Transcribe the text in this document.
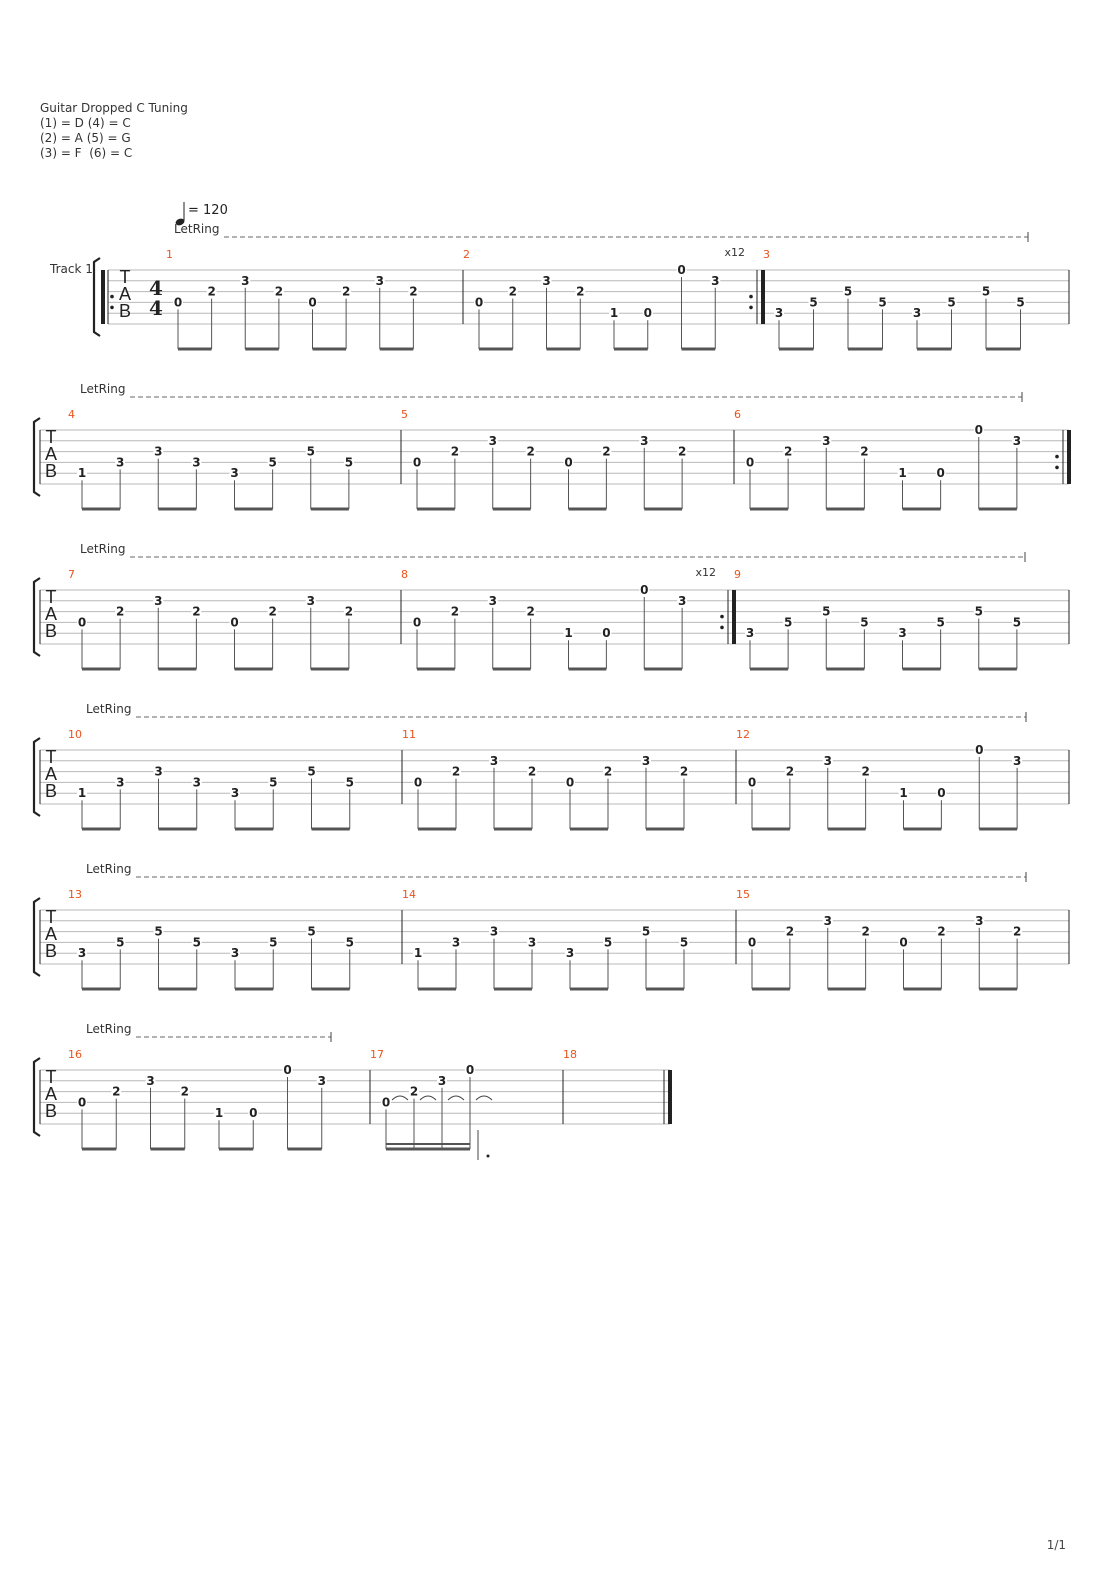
Guitar Dropped C Tuning
(1) = D (4) = C
(2) = A (5) = G
(3) = F  (6) = C
T
A
B
4
4
= 120
Track 1
LetRing
1
0
2
3
2
0
2
3
2
2
0
2
3
2
1 0
0
3
3
3
5
5
5
3
5
5
5
x12
T
A
B
LetRing
4
1
3
3
3
3
5
5
5
5
0
2
3
2
0
2
3
2
6
0
2
3
2
1 0
0
3
T
A
B
LetRing
7
0
2
3
2
0
2
3
2
8
0
2
3
2
1 0
0
3
9
3
5
5
5
3
5
5
5
x12
T
A
B
LetRing
10
1
3
3
3
3
5
5
5
11
0
2
3
2
0
2
3
2
12
0
2
3
2
1 0
0
3
T
A
B
LetRing
13
3
5
5
5
3
5
5
5
14
1
3
3
3
3
5
5
5
15
0
2
3
2
0
2
3
2
T
A
B
LetRing
16
0
2
3
2
1 0
0
3
17
0
2
3
0
18
1/1
